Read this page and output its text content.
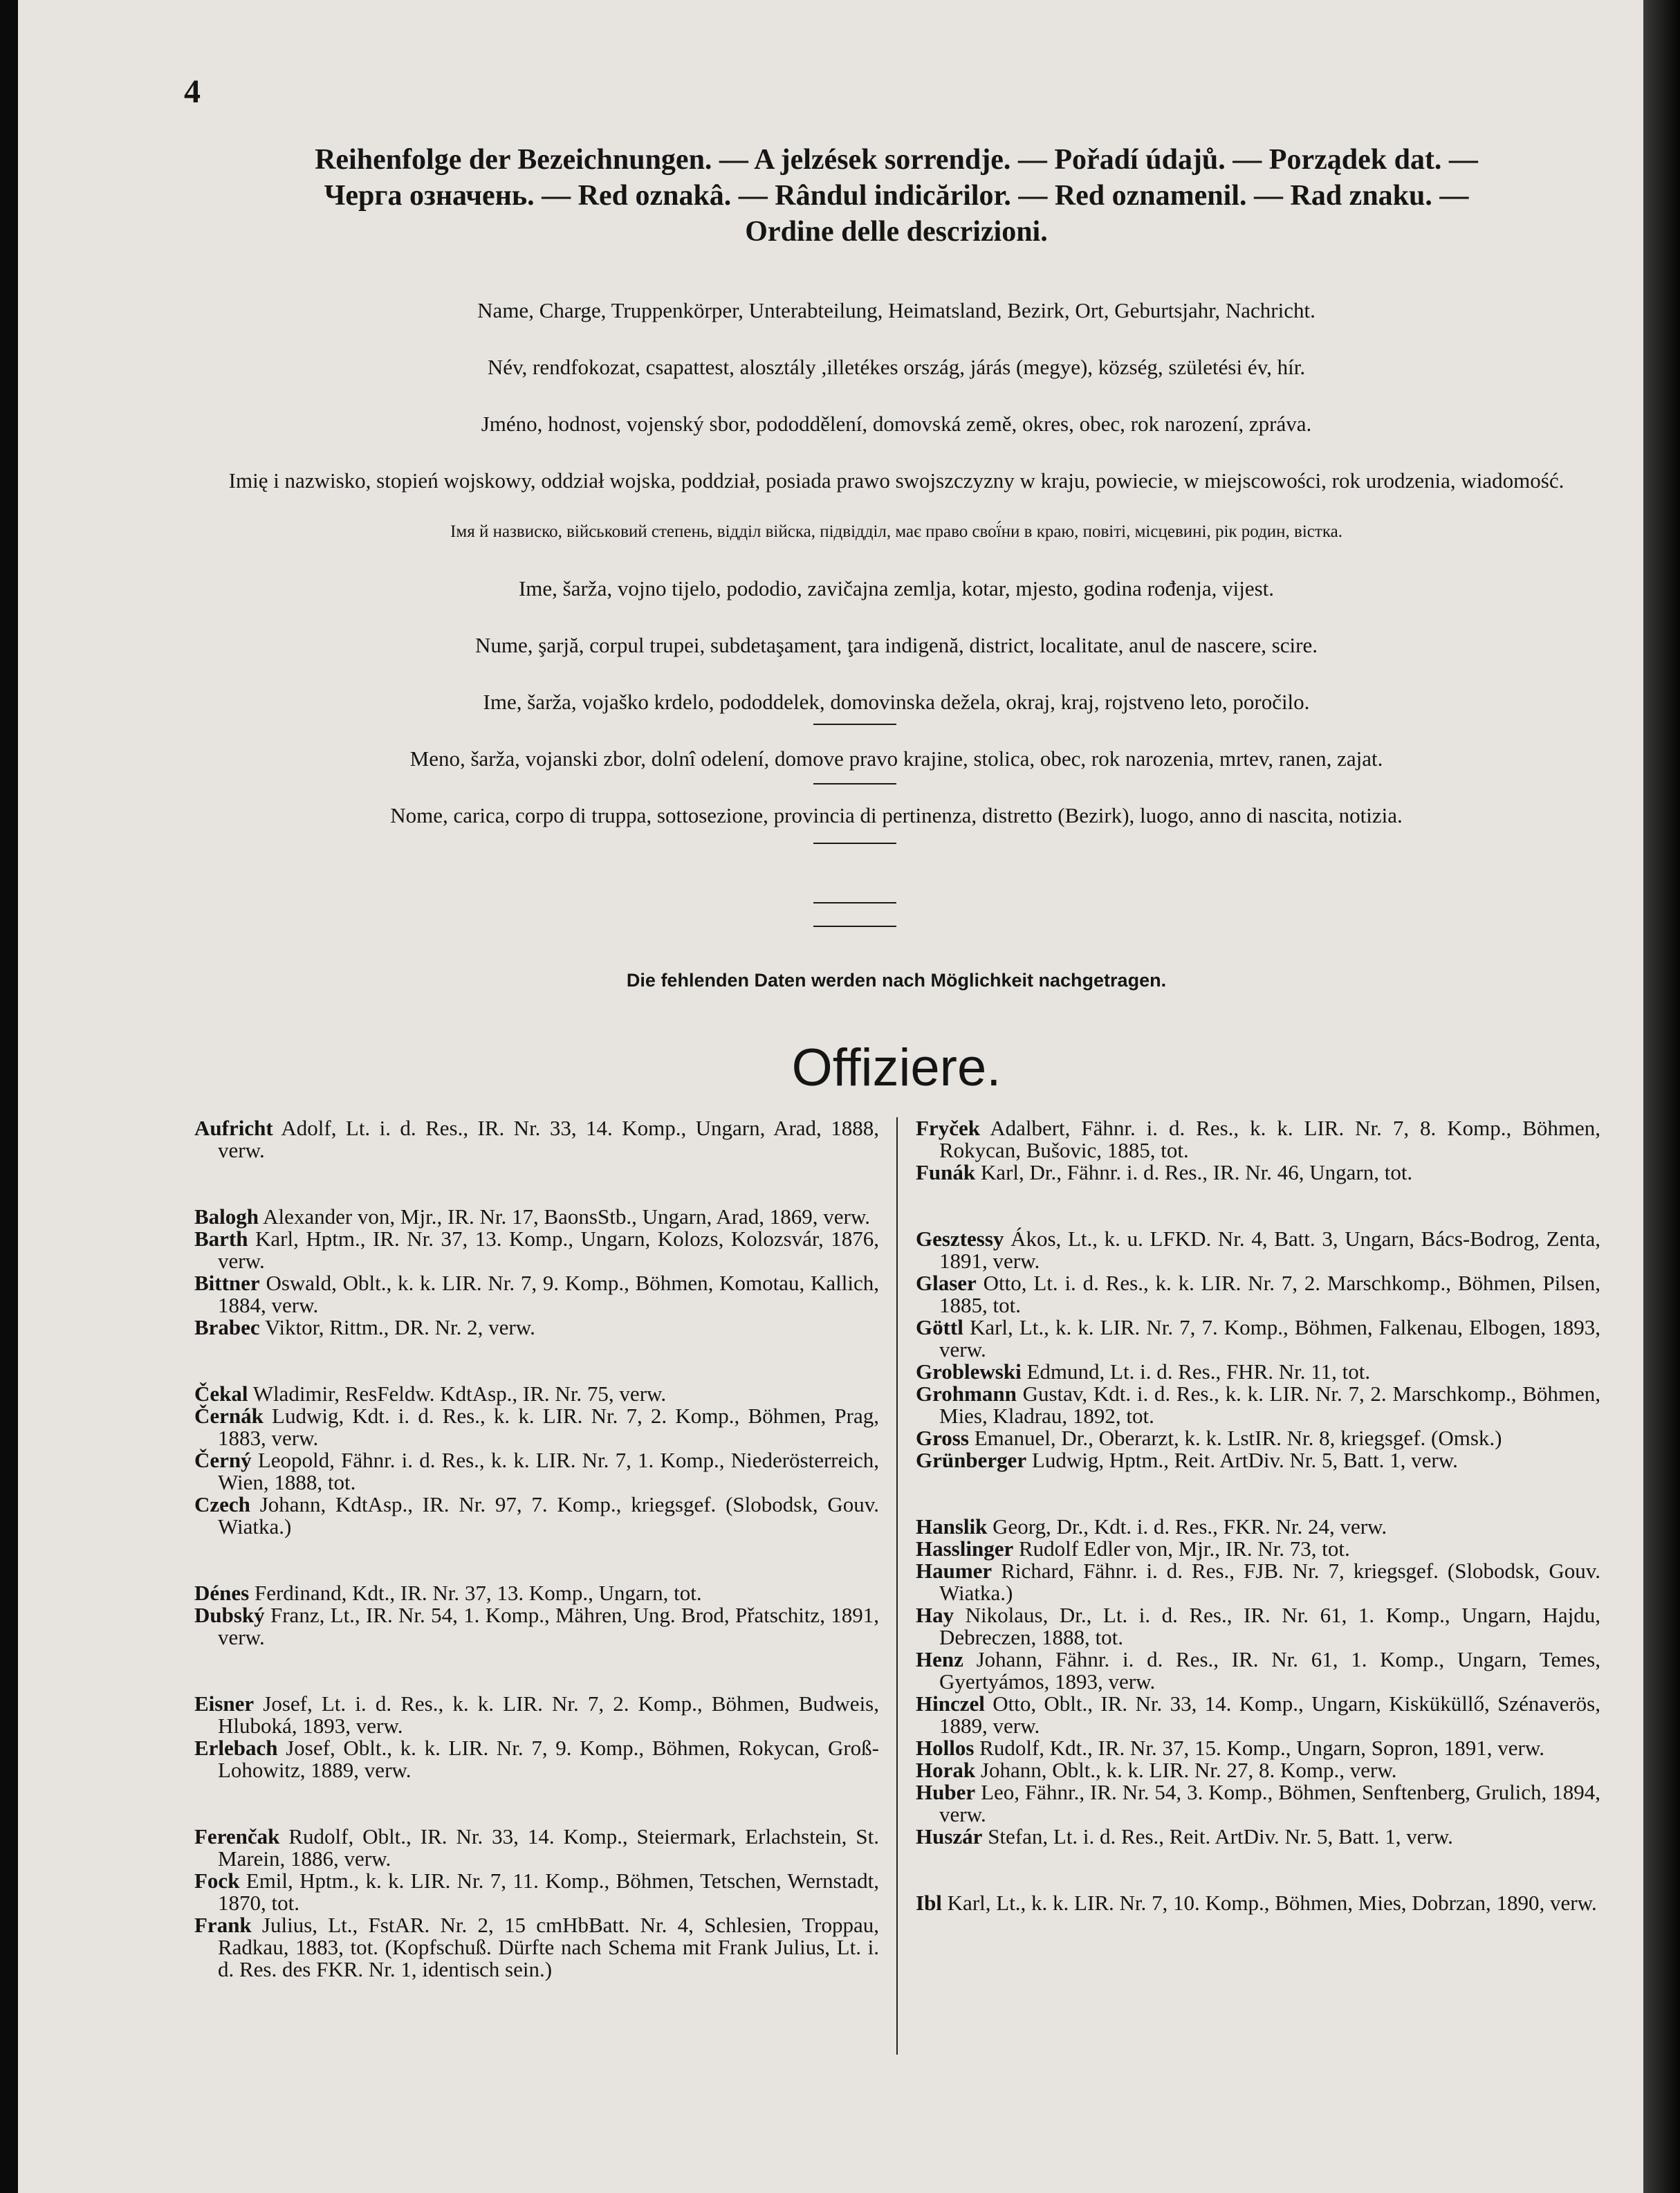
4
Reihenfolge der Bezeichnungen. — A jelzések sorrendje. — Pořadí údajů. — Porządek dat. —
Черга означень. — Red oznakâ. — Rândul indicărilor. — Red oznamenil. — Rad znaku. —
Ordine delle descrizioni.
Name, Charge, Truppenkörper, Unterabteilung, Heimatsland, Bezirk, Ort, Geburtsjahr, Nachricht.
Név, rendfokozat, csapattest, alosztály ,illetékes ország, járás (megye), község, születési év, hír.
Jméno, hodnost, vojenský sbor, pododdělení, domovská země, okres, obec, rok narození, zpráva.
Imię i nazwisko, stopień wojskowy, oddział wojska, poddział, posiada prawo swojszczyzny w kraju, powiecie, w miejscowości, rok urodzenia, wiadomość.
Імя й назвиско, військовий степень, відділ війска, підвідділ, має право свої́ни в краю, повіті, місцевині, рік родин, вістка.
Ime, šarža, vojno tijelo, pododio, zavičajna zemlja, kotar, mjesto, godina rođenja, vijest.
Nume, şarjă, corpul trupei, subdetaşament, ţara indigenă, district, localitate, anul de nascere, scire.
Ime, šarža, vojaško krdelo, pododdelek, domovinska dežela, okraj, kraj, rojstveno leto, poročilo.
Meno, šarža, vojanski zbor, dolnî odelení, domove pravo krajine, stolica, obec, rok narozenia, mrtev, ranen, zajat.
Nome, carica, corpo di truppa, sottosezione, provincia di pertinenza, distretto (Bezirk), luogo, anno di nascita, notizia.
Die fehlenden Daten werden nach Möglichkeit nachgetragen.
Offiziere.
Aufricht Adolf, Lt. i. d. Res., IR. Nr. 33, 14. Komp., Ungarn, Arad, 1888, verw.
Balogh Alexander von, Mjr., IR. Nr. 17, BaonsStb., Ungarn, Arad, 1869, verw.
Barth Karl, Hptm., IR. Nr. 37, 13. Komp., Ungarn, Kolozs, Kolozsvár, 1876, verw.
Bittner Oswald, Oblt., k. k. LIR. Nr. 7, 9. Komp., Böhmen, Komotau, Kallich, 1884, verw.
Brabec Viktor, Rittm., DR. Nr. 2, verw.
Čekal Wladimir, ResFeldw. KdtAsp., IR. Nr. 75, verw.
Černák Ludwig, Kdt. i. d. Res., k. k. LIR. Nr. 7, 2. Komp., Böhmen, Prag, 1883, verw.
Černý Leopold, Fähnr. i. d. Res., k. k. LIR. Nr. 7, 1. Komp., Niederösterreich, Wien, 1888, tot.
Czech Johann, KdtAsp., IR. Nr. 97, 7. Komp., kriegsgef. (Slobodsk, Gouv. Wiatka.)
Dénes Ferdinand, Kdt., IR. Nr. 37, 13. Komp., Ungarn, tot.
Dubský Franz, Lt., IR. Nr. 54, 1. Komp., Mähren, Ung. Brod, Přatschitz, 1891, verw.
Eisner Josef, Lt. i. d. Res., k. k. LIR. Nr. 7, 2. Komp., Böhmen, Budweis, Hluboká, 1893, verw.
Erlebach Josef, Oblt., k. k. LIR. Nr. 7, 9. Komp., Böhmen, Rokycan, Groß-Lohowitz, 1889, verw.
Ferenčak Rudolf, Oblt., IR. Nr. 33, 14. Komp., Steiermark, Erlachstein, St. Marein, 1886, verw.
Fock Emil, Hptm., k. k. LIR. Nr. 7, 11. Komp., Böhmen, Tetschen, Wernstadt, 1870, tot.
Frank Julius, Lt., FstAR. Nr. 2, 15 cmHbBatt. Nr. 4, Schlesien, Troppau, Radkau, 1883, tot. (Kopfschuß. Dürfte nach Schema mit Frank Julius, Lt. i. d. Res. des FKR. Nr. 1, identisch sein.)
Fryček Adalbert, Fähnr. i. d. Res., k. k. LIR. Nr. 7, 8. Komp., Böhmen, Rokycan, Bušovic, 1885, tot.
Funák Karl, Dr., Fähnr. i. d. Res., IR. Nr. 46, Ungarn, tot.
Gesztessy Ákos, Lt., k. u. LFKD. Nr. 4, Batt. 3, Ungarn, Bács-Bodrog, Zenta, 1891, verw.
Glaser Otto, Lt. i. d. Res., k. k. LIR. Nr. 7, 2. Marschkomp., Böhmen, Pilsen, 1885, tot.
Göttl Karl, Lt., k. k. LIR. Nr. 7, 7. Komp., Böhmen, Falkenau, Elbogen, 1893, verw.
Groblewski Edmund, Lt. i. d. Res., FHR. Nr. 11, tot.
Grohmann Gustav, Kdt. i. d. Res., k. k. LIR. Nr. 7, 2. Marschkomp., Böhmen, Mies, Kladrau, 1892, tot.
Gross Emanuel, Dr., Oberarzt, k. k. LstIR. Nr. 8, kriegsgef. (Omsk.)
Grünberger Ludwig, Hptm., Reit. ArtDiv. Nr. 5, Batt. 1, verw.
Hanslik Georg, Dr., Kdt. i. d. Res., FKR. Nr. 24, verw.
Hasslinger Rudolf Edler von, Mjr., IR. Nr. 73, tot.
Haumer Richard, Fähnr. i. d. Res., FJB. Nr. 7, kriegsgef. (Slobodsk, Gouv. Wiatka.)
Hay Nikolaus, Dr., Lt. i. d. Res., IR. Nr. 61, 1. Komp., Ungarn, Hajdu, Debreczen, 1888, tot.
Henz Johann, Fähnr. i. d. Res., IR. Nr. 61, 1. Komp., Ungarn, Temes, Gyertyámos, 1893, verw.
Hinczel Otto, Oblt., IR. Nr. 33, 14. Komp., Ungarn, Kisküküllő, Szénaverös, 1889, verw.
Hollos Rudolf, Kdt., IR. Nr. 37, 15. Komp., Ungarn, Sopron, 1891, verw.
Horak Johann, Oblt., k. k. LIR. Nr. 27, 8. Komp., verw.
Huber Leo, Fähnr., IR. Nr. 54, 3. Komp., Böhmen, Senftenberg, Grulich, 1894, verw.
Huszár Stefan, Lt. i. d. Res., Reit. ArtDiv. Nr. 5, Batt. 1, verw.
Ibl Karl, Lt., k. k. LIR. Nr. 7, 10. Komp., Böhmen, Mies, Dobrzan, 1890, verw.
